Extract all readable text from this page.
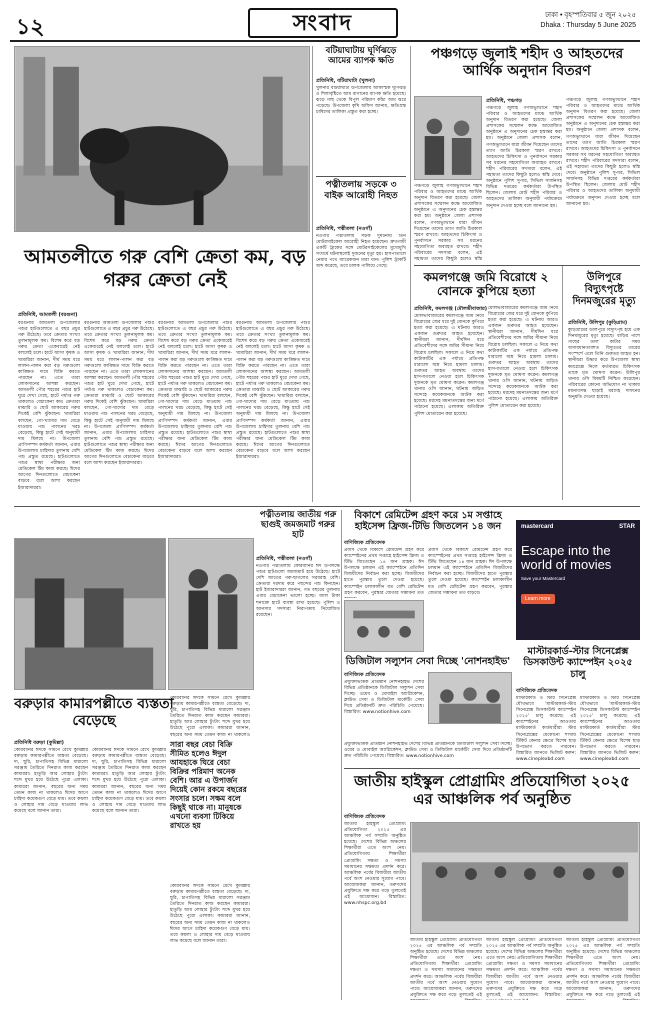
১২	সংবাদ	ঢাকা • বৃহস্পতিবার ৫ জুন ২০২৫
Dhaka : Thursday 5 June 2025
বটিয়াঘাটায় ঘূর্ণিঝড়ে আমের ব্যাপক ক্ষতি
প্রতিনিধি, বটিয়াঘাটা (খুলনা)
খুলনার বটিয়াঘাটা উপজেলায় আকস্মিক ঘূর্ণিঝড় ও শিলাবৃষ্টিতে আম বাগানের ব্যাপক ক্ষতি হয়েছে। ঝড়ে গাছ থেকে বিপুল পরিমাণ কাঁচা আম ঝরে পড়েছে। উপজেলা কৃষি অফিস জানায়, ক্ষতিগ্রস্ত চাষিদের তালিকা প্রস্তুত করা হচ্ছে।
পত্নীতলায় সড়কে ৩ বাইক আরোহী নিহত
প্রতিনিধি, পত্নীতলা (নওগাঁ)
নওগাঁর পত্নীতলায় সড়ক দুর্ঘটনায় তিন মোটরসাইকেল আরোহী নিহত হয়েছেন। দ্রুতগামী একটি ট্রাকের সঙ্গে মোটরসাইকেলের মুখোমুখি সংঘর্ষে ঘটনাস্থলেই দুজনের মৃত্যু হয়। হাসপাতালে নেয়ার পথে আরেকজন মারা যান। পুলিশ ট্রাকটি জব্দ করেছে, তবে চালক পালিয়ে গেছে।
আমতলীতে গরু বেশি ক্রেতা কম, বড় গরুর ক্রেতা নেই
প্রতিনিধি, আমতলী (বরগুনা)
বরগুনার আমতলী উপজেলার পশুর হাটগুলোতে এ বছর প্রচুর গরু উঠেছে। তবে ক্রেতার সংখ্যা তুলনামূলক কম। বিশেষ করে বড় গরুর ক্রেতা একেবারেই নেই বললেই চলে। হাটে আসা কৃষক ও খামারিরা জানান, দীর্ঘ সময় ধরে লালন-পালন করা বড় গরুগুলো কাঙ্ক্ষিত দামে বিক্রি করতে পারছেন না। এতে তারা লোকসানের আশঙ্কা করছেন। আমতলী পৌর শহরের পশুর হাট ঘুরে দেখা গেছে, হাটে পর্যাপ্ত গরু থাকলেও বেচাকেনা কম। ক্রেতারা মাঝারি ও ছোট আকারের গরুর দিকেই বেশি ঝুঁকছেন। খামারিরা বলছেন, গো-খাদ্যের দাম বেড়ে যাওয়ায় পশু পালনের খরচ বেড়েছে, কিন্তু হাটে সেই অনুযায়ী দাম মিলছে না। উপজেলা প্রাণিসম্পদ কর্মকর্তা জানান, এবার উপজেলায় চাহিদার তুলনায় বেশি পশু প্রস্তুত রয়েছে। হাটগুলোতে পশুর স্বাস্থ্য পরীক্ষার জন্য মেডিকেল টিম কাজ করছে। ঈদের আগের দিনগুলোতে বেচাকেনা বাড়বে বলে আশা করছেন ইজারাদাররা।
বরগুনার আমতলী উপজেলার পশুর হাটগুলোতে এ বছর প্রচুর গরু উঠেছে। তবে ক্রেতার সংখ্যা তুলনামূলক কম। বিশেষ করে বড় গরুর ক্রেতা একেবারেই নেই বললেই চলে। হাটে আসা কৃষক ও খামারিরা জানান, দীর্ঘ সময় ধরে লালন-পালন করা বড় গরুগুলো কাঙ্ক্ষিত দামে বিক্রি করতে পারছেন না। এতে তারা লোকসানের আশঙ্কা করছেন। আমতলী পৌর শহরের পশুর হাট ঘুরে দেখা গেছে, হাটে পর্যাপ্ত গরু থাকলেও বেচাকেনা কম। ক্রেতারা মাঝারি ও ছোট আকারের গরুর দিকেই বেশি ঝুঁকছেন। খামারিরা বলছেন, গো-খাদ্যের দাম বেড়ে যাওয়ায় পশু পালনের খরচ বেড়েছে, কিন্তু হাটে সেই অনুযায়ী দাম মিলছে না। উপজেলা প্রাণিসম্পদ কর্মকর্তা জানান, এবার উপজেলায় চাহিদার তুলনায় বেশি পশু প্রস্তুত রয়েছে। হাটগুলোতে পশুর স্বাস্থ্য পরীক্ষার জন্য মেডিকেল টিম কাজ করছে। ঈদের আগের দিনগুলোতে বেচাকেনা বাড়বে বলে আশা করছেন ইজারাদাররা।
বরগুনার আমতলী উপজেলার পশুর হাটগুলোতে এ বছর প্রচুর গরু উঠেছে। তবে ক্রেতার সংখ্যা তুলনামূলক কম। বিশেষ করে বড় গরুর ক্রেতা একেবারেই নেই বললেই চলে। হাটে আসা কৃষক ও খামারিরা জানান, দীর্ঘ সময় ধরে লালন-পালন করা বড় গরুগুলো কাঙ্ক্ষিত দামে বিক্রি করতে পারছেন না। এতে তারা লোকসানের আশঙ্কা করছেন। আমতলী পৌর শহরের পশুর হাট ঘুরে দেখা গেছে, হাটে পর্যাপ্ত গরু থাকলেও বেচাকেনা কম। ক্রেতারা মাঝারি ও ছোট আকারের গরুর দিকেই বেশি ঝুঁকছেন। খামারিরা বলছেন, গো-খাদ্যের দাম বেড়ে যাওয়ায় পশু পালনের খরচ বেড়েছে, কিন্তু হাটে সেই অনুযায়ী দাম মিলছে না। উপজেলা প্রাণিসম্পদ কর্মকর্তা জানান, এবার উপজেলায় চাহিদার তুলনায় বেশি পশু প্রস্তুত রয়েছে। হাটগুলোতে পশুর স্বাস্থ্য পরীক্ষার জন্য মেডিকেল টিম কাজ করছে। ঈদের আগের দিনগুলোতে বেচাকেনা বাড়বে বলে আশা করছেন ইজারাদাররা।
বরগুনার আমতলী উপজেলার পশুর হাটগুলোতে এ বছর প্রচুর গরু উঠেছে। তবে ক্রেতার সংখ্যা তুলনামূলক কম। বিশেষ করে বড় গরুর ক্রেতা একেবারেই নেই বললেই চলে। হাটে আসা কৃষক ও খামারিরা জানান, দীর্ঘ সময় ধরে লালন-পালন করা বড় গরুগুলো কাঙ্ক্ষিত দামে বিক্রি করতে পারছেন না। এতে তারা লোকসানের আশঙ্কা করছেন। আমতলী পৌর শহরের পশুর হাট ঘুরে দেখা গেছে, হাটে পর্যাপ্ত গরু থাকলেও বেচাকেনা কম। ক্রেতারা মাঝারি ও ছোট আকারের গরুর দিকেই বেশি ঝুঁকছেন। খামারিরা বলছেন, গো-খাদ্যের দাম বেড়ে যাওয়ায় পশু পালনের খরচ বেড়েছে, কিন্তু হাটে সেই অনুযায়ী দাম মিলছে না। উপজেলা প্রাণিসম্পদ কর্মকর্তা জানান, এবার উপজেলায় চাহিদার তুলনায় বেশি পশু প্রস্তুত রয়েছে। হাটগুলোতে পশুর স্বাস্থ্য পরীক্ষার জন্য মেডিকেল টিম কাজ করছে। ঈদের আগের দিনগুলোতে বেচাকেনা বাড়বে বলে আশা করছেন ইজারাদাররা।
পঞ্চগড়ে জুলাই শহীদ ও আহতদের আর্থিক অনুদান বিতরণ
প্রতিনিধি, পঞ্চগড়
পঞ্চগড়ে জুলাই গণঅভ্যুত্থানে শহীদ পরিবার ও আহতদের মাঝে আর্থিক অনুদান বিতরণ করা হয়েছে। জেলা প্রশাসকের সম্মেলন কক্ষে আয়োজিত অনুষ্ঠানে এ অনুদানের চেক হস্তান্তর করা হয়। অনুষ্ঠানে জেলা প্রশাসক বলেন, গণঅভ্যুত্থানে যারা জীবন দিয়েছেন তাদের ত্যাগ জাতি চিরকাল স্মরণ রাখবে। আহতদের চিকিৎসা ও পুনর্বাসনে সরকার সব ধরনের সহযোগিতা অব্যাহত রাখবে। শহীদ পরিবারের সদস্যরা বলেন, এই সহায়তা তাদের কিছুটা হলেও স্বস্তি দেবে। অনুষ্ঠানে পুলিশ সুপার, সিভিল সার্জনসহ বিভিন্ন দপ্তরের কর্মকর্তারা উপস্থিত ছিলেন। জেলায় মোট শহীদ পরিবার ও আহতদের তালিকা অনুযায়ী পর্যায়ক্রমে অনুদান দেওয়া হচ্ছে বলে জানানো হয়।
পঞ্চগড়ে জুলাই গণঅভ্যুত্থানে শহীদ পরিবার ও আহতদের মাঝে আর্থিক অনুদান বিতরণ করা হয়েছে। জেলা প্রশাসকের সম্মেলন কক্ষে আয়োজিত অনুষ্ঠানে এ অনুদানের চেক হস্তান্তর করা হয়। অনুষ্ঠানে জেলা প্রশাসক বলেন, গণঅভ্যুত্থানে যারা জীবন দিয়েছেন তাদের ত্যাগ জাতি চিরকাল স্মরণ রাখবে। আহতদের চিকিৎসা ও পুনর্বাসনে সরকার সব ধরনের সহযোগিতা অব্যাহত রাখবে। শহীদ পরিবারের সদস্যরা বলেন, এই সহায়তা তাদের কিছুটা হলেও স্বস্তি দেবে। অনুষ্ঠানে পুলিশ সুপার, সিভিল সার্জনসহ বিভিন্ন দপ্তরের কর্মকর্তারা উপস্থিত ছিলেন। জেলায় মোট শহীদ পরিবার ও আহতদের তালিকা অনুযায়ী পর্যায়ক্রমে অনুদান দেওয়া হচ্ছে বলে জানানো হয়।
পঞ্চগড়ে জুলাই গণঅভ্যুত্থানে শহীদ পরিবার ও আহতদের মাঝে আর্থিক অনুদান বিতরণ করা হয়েছে। জেলা প্রশাসকের সম্মেলন কক্ষে আয়োজিত অনুষ্ঠানে এ অনুদানের চেক হস্তান্তর করা হয়। অনুষ্ঠানে জেলা প্রশাসক বলেন, গণঅভ্যুত্থানে যারা জীবন দিয়েছেন তাদের ত্যাগ জাতি চিরকাল স্মরণ রাখবে। আহতদের চিকিৎসা ও পুনর্বাসনে সরকার সব ধরনের সহযোগিতা অব্যাহত রাখবে। শহীদ পরিবারের সদস্যরা বলেন, এই সহায়তা তাদের কিছুটা হলেও স্বস্তি
কমলগঞ্জে জমি বিরোধে ২ বোনকে কুপিয়ে হত্যা
প্রতিনিধি, কমলগঞ্জ (মৌলভীবাজার)
মৌলভীবাজারের কমলগঞ্জে জমি নিয়ে বিরোধের জের ধরে দুই বোনকে কুপিয়ে হত্যা করা হয়েছে। এ ঘটনায় আরও একজন গুরুতর আহত হয়েছেন। স্থানীয়রা জানান, দীর্ঘদিন ধরে প্রতিবেশীদের সঙ্গে জমির সীমানা নিয়ে বিরোধ চলছিল। সকালে এ নিয়ে কথা কাটাকাটির এক পর্যায়ে প্রতিপক্ষ ধারালো অস্ত্র নিয়ে হামলা চালায়। গুরুতর আহত অবস্থায় তাদের হাসপাতালে নেওয়া হলে চিকিৎসক দুজনকে মৃত ঘোষণা করেন। কমলগঞ্জ থানার ওসি জানান, ঘটনায় জড়িত সন্দেহে কয়েকজনকে আটক করা হয়েছে। মরদেহ ময়নাতদন্তের জন্য মর্গে পাঠানো হয়েছে। এলাকায় অতিরিক্ত পুলিশ মোতায়েন করা হয়েছে।
মৌলভীবাজারের কমলগঞ্জে জমি নিয়ে বিরোধের জের ধরে দুই বোনকে কুপিয়ে হত্যা করা হয়েছে। এ ঘটনায় আরও একজন গুরুতর আহত হয়েছেন। স্থানীয়রা জানান, দীর্ঘদিন ধরে প্রতিবেশীদের সঙ্গে জমির সীমানা নিয়ে বিরোধ চলছিল। সকালে এ নিয়ে কথা কাটাকাটির এক পর্যায়ে প্রতিপক্ষ ধারালো অস্ত্র নিয়ে হামলা চালায়। গুরুতর আহত অবস্থায় তাদের হাসপাতালে নেওয়া হলে চিকিৎসক দুজনকে মৃত ঘোষণা করেন। কমলগঞ্জ থানার ওসি জানান, ঘটনায় জড়িত সন্দেহে কয়েকজনকে আটক করা হয়েছে। মরদেহ ময়নাতদন্তের জন্য মর্গে পাঠানো হয়েছে। এলাকায় অতিরিক্ত পুলিশ মোতায়েন করা হয়েছে।
উলিপুরে বিদ্যুৎপৃষ্টে দিনমজুরের মৃত্যু
প্রতিনিধি, উলিপুর (কুড়িগ্রাম)
কুড়িগ্রামের উলিপুরে বিদ্যুৎপৃষ্ট হয়ে এক দিনমজুরের মৃত্যু হয়েছে। বাড়ির পাশে গাছের ডাল কাটার সময় অসাবধানতাবশত বিদ্যুতের তারের সংস্পর্শে এলে তিনি গুরুতর আহত হন। স্থানীয়রা উদ্ধার করে উপজেলা স্বাস্থ্য কমপ্লেক্সে নিলে কর্তব্যরত চিকিৎসক তাকে মৃত ঘোষণা করেন। উলিপুর থানার ওসি বিষয়টি নিশ্চিত করেছেন। পরিবারের কোনো অভিযোগ না থাকায় ময়নাতদন্ত ছাড়াই মরদেহ দাফনের অনুমতি দেওয়া হয়েছে।
পত্নীতলায় জাতীয় গরু ছাগুই জমজমাট গরুর হাট
প্রতিনিধি, পত্নীতলা (নওগাঁ)
নওগাঁর পত্নীতলায় কোরবানির ঈদ উপলক্ষে পশুর হাটগুলো জমজমাট হয়ে উঠেছে। হাটে দেশি জাতের গরু-ছাগলের সরবরাহ বেশি। ক্রেতারা দরদাম করে পছন্দের পশু কিনছেন। হাট ইজারাদাররা জানান, গত বছরের তুলনায় এবার বেচাকেনা ভালো হচ্ছে। জাল টাকা শনাক্তে হাটে ব্যবস্থা রাখা হয়েছে। পুলিশ ও আনসার সদস্যরা নিরাপত্তায় নিয়োজিত রয়েছেন।
বরুড়ার কামারপল্লীতে ব্যস্ততা বেড়েছে
প্রতিনিধি বরুড়া (কুমিল্লা)
কোরবানির ঈদকে সামনে রেখে কুমিল্লার বরুড়ায় কামারপল্লীতে ব্যস্ততা বেড়েছে। দা, ছুরি, চাপাতিসহ বিভিন্ন ধারালো সরঞ্জাম তৈরিতে দিনরাত কাজ করছেন কামাররা। হাতুড়ি আর লোহার টুংটাং শব্দে মুখর হয়ে উঠেছে পুরো এলাকা। কামাররা জানান, বছরের অন্য সময় তেমন কাজ না থাকলেও ঈদের আগে চাহিদা কয়েকগুণ বেড়ে যায়। তবে কয়লা ও লোহার দাম বেড়ে যাওয়ায় লাভ কমেছে বলে জানান তারা।
কোরবানির ঈদকে সামনে রেখে কুমিল্লার বরুড়ায় কামারপল্লীতে ব্যস্ততা বেড়েছে। দা, ছুরি, চাপাতিসহ বিভিন্ন ধারালো সরঞ্জাম তৈরিতে দিনরাত কাজ করছেন কামাররা। হাতুড়ি আর লোহার টুংটাং শব্দে মুখর হয়ে উঠেছে পুরো এলাকা। কামাররা জানান, বছরের অন্য সময় তেমন কাজ না থাকলেও ঈদের আগে চাহিদা কয়েকগুণ বেড়ে যায়। তবে কয়লা ও লোহার দাম বেড়ে যাওয়ায় লাভ কমেছে বলে জানান তারা।
কোরবানির ঈদকে সামনে রেখে কুমিল্লার বরুড়ায় কামারপল্লীতে ব্যস্ততা বেড়েছে। দা, ছুরি, চাপাতিসহ বিভিন্ন ধারালো সরঞ্জাম তৈরিতে দিনরাত কাজ করছেন কামাররা। হাতুড়ি আর লোহার টুংটাং শব্দে মুখর হয়ে উঠেছে পুরো এলাকা। কামাররা জানান, বছরের অন্য সময় তেমন কাজ না থাকলেও
সারা বছর বেচা বিক্রি সীমিত হলেও ঈদুল আযহাকে ঘিরে বেচা বিক্রির পরিমাণ অনেক বেশি। আর এ উপার্জন দিয়েই কোন রকমে বছরের সংসার চলে। সক্ষম বলে কিছুই থাকে না। মানুষকে এখনো ব্যবসা টিকিয়ে রাখতে হয়
কোরবানির ঈদকে সামনে রেখে কুমিল্লার বরুড়ায় কামারপল্লীতে ব্যস্ততা বেড়েছে। দা, ছুরি, চাপাতিসহ বিভিন্ন ধারালো সরঞ্জাম তৈরিতে দিনরাত কাজ করছেন কামাররা। হাতুড়ি আর লোহার টুংটাং শব্দে মুখর হয়ে উঠেছে পুরো এলাকা। কামাররা জানান, বছরের অন্য সময় তেমন কাজ না থাকলেও ঈদের আগে চাহিদা কয়েকগুণ বেড়ে যায়। তবে কয়লা ও লোহার দাম বেড়ে যাওয়ায় লাভ কমেছে বলে জানান তারা।
বিকাশে রেমিটেন্স গ্রহণ করে ১ম সপ্তাহে হাইসেন্স ফ্রিজ-টিভি জিতলেন ১৪ জন
বাণিজ্যিক প্রতিবেদক
প্রবাস থেকে বিকাশে রেমিটেন্স গ্রহণ করে ক্যাম্পেইনের প্রথম সপ্তাহে হাইসেন্স ফ্রিজ ও টিভি জিতেছেন ১৪ জন গ্রাহক। ঈদ উপলক্ষে চলমান এই ক্যাম্পেইনে প্রতিদিন বিজয়ীদের নির্বাচন করা হচ্ছে। বিজয়ীদের হাতে পুরস্কার তুলে দেওয়া হয়েছে। ক্যাম্পেইন চলাকালীন যত বেশি রেমিটেন্স গ্রহণ করবেন, পুরস্কার জেতার সম্ভাবনা তত
প্রবাস থেকে বিকাশে রেমিটেন্স গ্রহণ করে ক্যাম্পেইনের প্রথম সপ্তাহে হাইসেন্স ফ্রিজ ও টিভি জিতেছেন ১৪ জন গ্রাহক। ঈদ উপলক্ষে চলমান এই ক্যাম্পেইনে প্রতিদিন বিজয়ীদের নির্বাচন করা হচ্ছে। বিজয়ীদের হাতে পুরস্কার তুলে দেওয়া হয়েছে। ক্যাম্পেইন চলাকালীন যত বেশি রেমিটেন্স গ্রহণ করবেন, পুরস্কার জেতার সম্ভাবনা তত বাড়বে।
mastercard	STAR
Escape into the world of movies
Save your Mastercard
Learn more
ডিজিটাল সল্যুশন সেবা দিচ্ছে 'নোশনহাইভ'
বাণিজ্যিক প্রতিবেদক
প্রযুক্তিভিত্তিক প্রতিষ্ঠান নোশনহাইভ দেশের বিভিন্ন প্রতিষ্ঠানকে ডিজিটাল সল্যুশন সেবা দিচ্ছে। ওয়েব ও মোবাইল অ্যাপ্লিকেশন, ক্লাউড সেবা ও ডিজিটাল মার্কেটিং সেবা দিয়ে প্রতিষ্ঠানটি দ্রুত পরিচিতি পেয়েছে। বিস্তারিত: www.notionhive.com
প্রযুক্তিভিত্তিক প্রতিষ্ঠান নোশনহাইভ দেশের বিভিন্ন প্রতিষ্ঠানকে ডিজিটাল সল্যুশন সেবা দিচ্ছে। ওয়েব ও মোবাইল অ্যাপ্লিকেশন, ক্লাউড সেবা ও ডিজিটাল মার্কেটিং সেবা দিয়ে প্রতিষ্ঠানটি দ্রুত পরিচিতি পেয়েছে। বিস্তারিত: www.notionhive.com
মাস্টারকার্ড-স্টার সিনেপ্লেক্স ডিসকাউন্ট ক্যাম্পেইন ২০২৫ চালু
বাণিজ্যিক প্রতিবেদক
মাস্টারকার্ড ও স্টার সিনেপ্লেক্স যৌথভাবে 'মাস্টারকার্ড-স্টার সিনেপ্লেক্স ডিসকাউন্ট ক্যাম্পেইন ২০২৫' চালু করেছে। এই ক্যাম্পেইনের আওতায় মাস্টারকার্ড কার্ডধারীরা স্টার সিনেপ্লেক্সের যেকোনো শাখায় টিকিট কেনার ক্ষেত্রে বিশেষ ছাড় উপভোগ করতে পারবেন। বিস্তারিত জানতে ভিজিট করুন: www.cineplexbd.com
মাস্টারকার্ড ও স্টার সিনেপ্লেক্স যৌথভাবে 'মাস্টারকার্ড-স্টার সিনেপ্লেক্স ডিসকাউন্ট ক্যাম্পেইন ২০২৫' চালু করেছে। এই ক্যাম্পেইনের আওতায় মাস্টারকার্ড কার্ডধারীরা স্টার সিনেপ্লেক্সের যেকোনো শাখায় টিকিট কেনার ক্ষেত্রে বিশেষ ছাড় উপভোগ করতে পারবেন। বিস্তারিত জানতে ভিজিট করুন: www.cineplexbd.com
জাতীয় হাইস্কুল প্রোগ্রামিং প্রতিযোগিতা ২০২৫ এর আঞ্চলিক পর্ব অনুষ্ঠিত
বাণিজ্যিক প্রতিবেদক
জাতীয় হাইস্কুল প্রোগ্রামিং প্রতিযোগিতা ২০২৫ এর আঞ্চলিক পর্ব সম্প্রতি অনুষ্ঠিত হয়েছে। দেশের বিভিন্ন অঞ্চলের শিক্ষার্থীরা এতে অংশ নেয়। প্রতিযোগিতায় শিক্ষার্থীরা প্রোগ্রামিং দক্ষতা ও সমস্যা সমাধানের সক্ষমতা প্রদর্শন করে। আঞ্চলিক পর্বের বিজয়ীরা জাতীয় পর্বে অংশ নেওয়ার সুযোগ পাবে। আয়োজকরা জানান, তরুণদের প্রযুক্তিতে দক্ষ করে গড়ে তুলতেই এই আয়োজন। বিস্তারিত: www.nhspc.org.bd
জাতীয় হাইস্কুল প্রোগ্রামিং প্রতিযোগিতা ২০২৫ এর আঞ্চলিক পর্ব সম্প্রতি অনুষ্ঠিত হয়েছে। দেশের বিভিন্ন অঞ্চলের শিক্ষার্থীরা এতে অংশ নেয়। প্রতিযোগিতায় শিক্ষার্থীরা প্রোগ্রামিং দক্ষতা ও সমস্যা সমাধানের সক্ষমতা প্রদর্শন করে। আঞ্চলিক পর্বের বিজয়ীরা জাতীয় পর্বে অংশ নেওয়ার সুযোগ পাবে। আয়োজকরা জানান, তরুণদের প্রযুক্তিতে দক্ষ করে গড়ে তুলতেই এই
জাতীয় হাইস্কুল প্রোগ্রামিং প্রতিযোগিতা ২০২৫ এর আঞ্চলিক পর্ব সম্প্রতি অনুষ্ঠিত হয়েছে। দেশের বিভিন্ন অঞ্চলের শিক্ষার্থীরা এতে অংশ নেয়। প্রতিযোগিতায় শিক্ষার্থীরা প্রোগ্রামিং দক্ষতা ও সমস্যা সমাধানের সক্ষমতা প্রদর্শন করে। আঞ্চলিক পর্বের বিজয়ীরা জাতীয় পর্বে অংশ নেওয়ার সুযোগ পাবে। আয়োজকরা জানান, তরুণদের প্রযুক্তিতে দক্ষ করে গড়ে তুলতেই এই আয়োজন। বিস্তারিত:
জাতীয় হাইস্কুল প্রোগ্রামিং প্রতিযোগিতা ২০২৫ এর আঞ্চলিক পর্ব সম্প্রতি অনুষ্ঠিত হয়েছে। দেশের বিভিন্ন অঞ্চলের শিক্ষার্থীরা এতে অংশ নেয়। প্রতিযোগিতায় শিক্ষার্থীরা প্রোগ্রামিং দক্ষতা ও সমস্যা সমাধানের সক্ষমতা প্রদর্শন করে। আঞ্চলিক পর্বের বিজয়ীরা জাতীয় পর্বে অংশ নেওয়ার সুযোগ পাবে। আয়োজকরা জানান, তরুণদের প্রযুক্তিতে দক্ষ করে গড়ে তুলতেই এই
